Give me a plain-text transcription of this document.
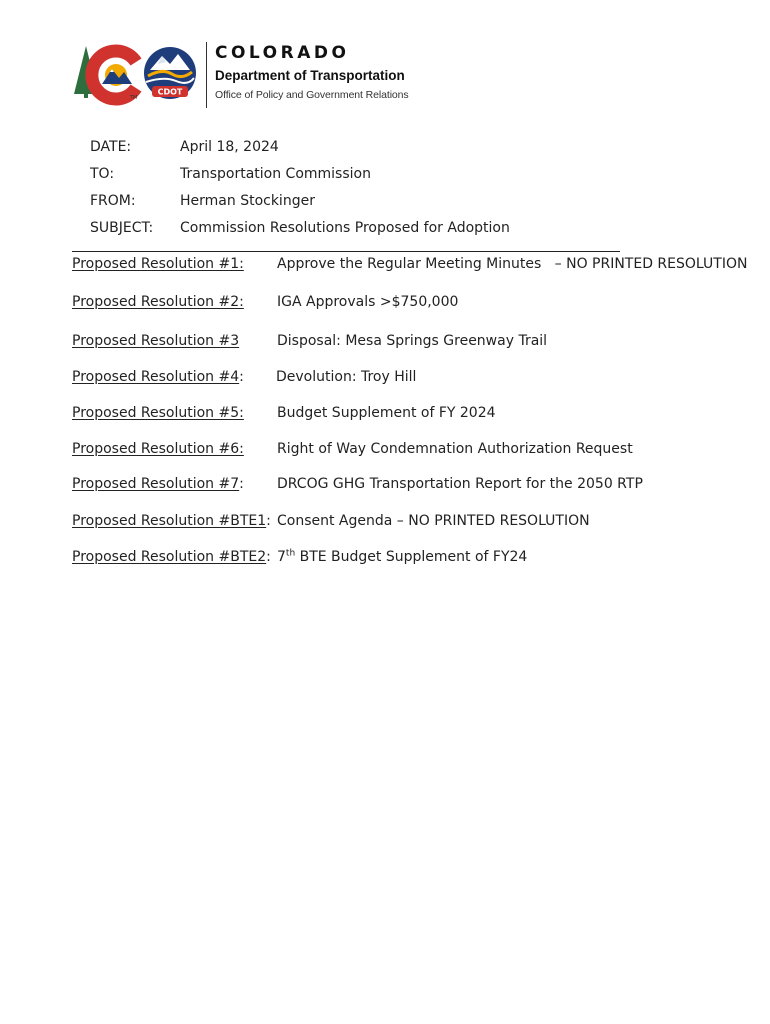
TM
CDOT
COLORADO
Department of Transportation
Office of Policy and Government Relations
DATE:	April 18, 2024
TO:	Transportation Commission
FROM:	Herman Stockinger
SUBJECT: Commission Resolutions Proposed for Adoption
Proposed Resolution #1: Approve the Regular Meeting Minutes   – NO PRINTED RESOLUTION
Proposed Resolution #2: IGA Approvals >$750,000
Proposed Resolution #3	Disposal: Mesa Springs Greenway Trail
Proposed Resolution #4: Devolution: Troy Hill
Proposed Resolution #5: Budget Supplement of FY 2024
Proposed Resolution #6: Right of Way Condemnation Authorization Request
Proposed Resolution #7: DRCOG GHG Transportation Report for the 2050 RTP
Proposed Resolution #BTE1: Consent Agenda – NO PRINTED RESOLUTION
Proposed Resolution #BTE2: 7th BTE Budget Supplement of FY24
